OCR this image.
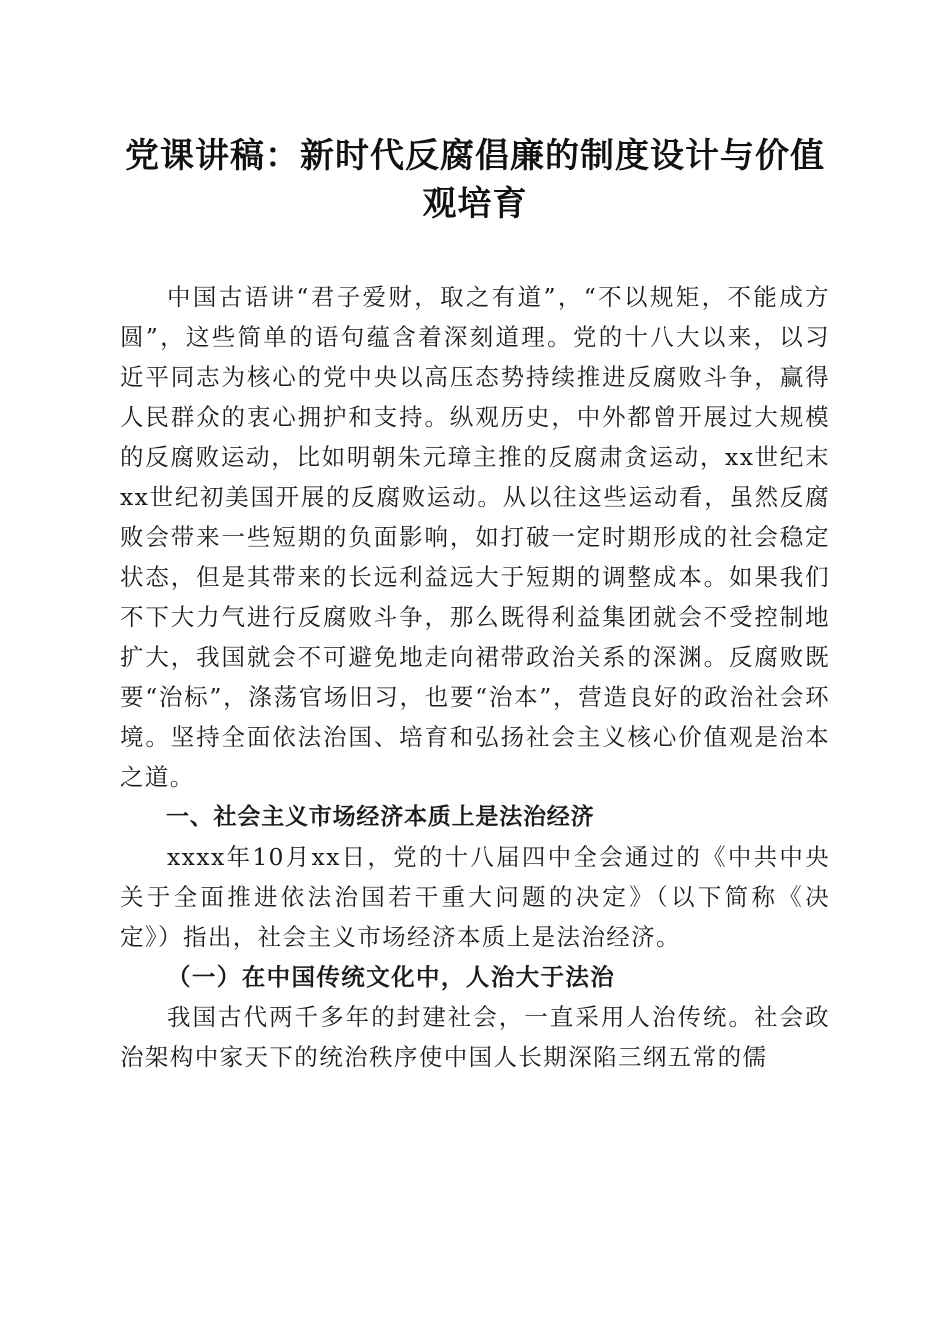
党课讲稿：新时代反腐倡廉的制度设计与价值观培育

中国古语讲“君子爱财，取之有道”，“不以规矩，不能成方圆”，这些简单的语句蕴含着深刻道理。党的十八大以来，以习近平同志为核心的党中央以高压态势持续推进反腐败斗争，赢得人民群众的衷心拥护和支持。纵观历史，中外都曾开展过大规模的反腐败运动，比如明朝朱元璋主推的反腐肃贪运动，xx世纪末xx世纪初美国开展的反腐败运动。从以往这些运动看，虽然反腐败会带来一些短期的负面影响，如打破一定时期形成的社会稳定状态，但是其带来的长远利益远大于短期的调整成本。如果我们不下大力气进行反腐败斗争，那么既得利益集团就会不受控制地扩大，我国就会不可避免地走向裙带政治关系的深渊。反腐败既要“治标”，涤荡官场旧习，也要“治本”，营造良好的政治社会环境。坚持全面依法治国、培育和弘扬社会主义核心价值观是治本之道。

一、社会主义市场经济本质上是法治经济

xxxx年10月xx日，党的十八届四中全会通过的《中共中央关于全面推进依法治国若干重大问题的决定》（以下简称《决定》）指出，社会主义市场经济本质上是法治经济。

（一）在中国传统文化中，人治大于法治

我国古代两千多年的封建社会，一直采用人治传统。社会政治架构中家天下的统治秩序使中国人长期深陷三纲五常的儒
